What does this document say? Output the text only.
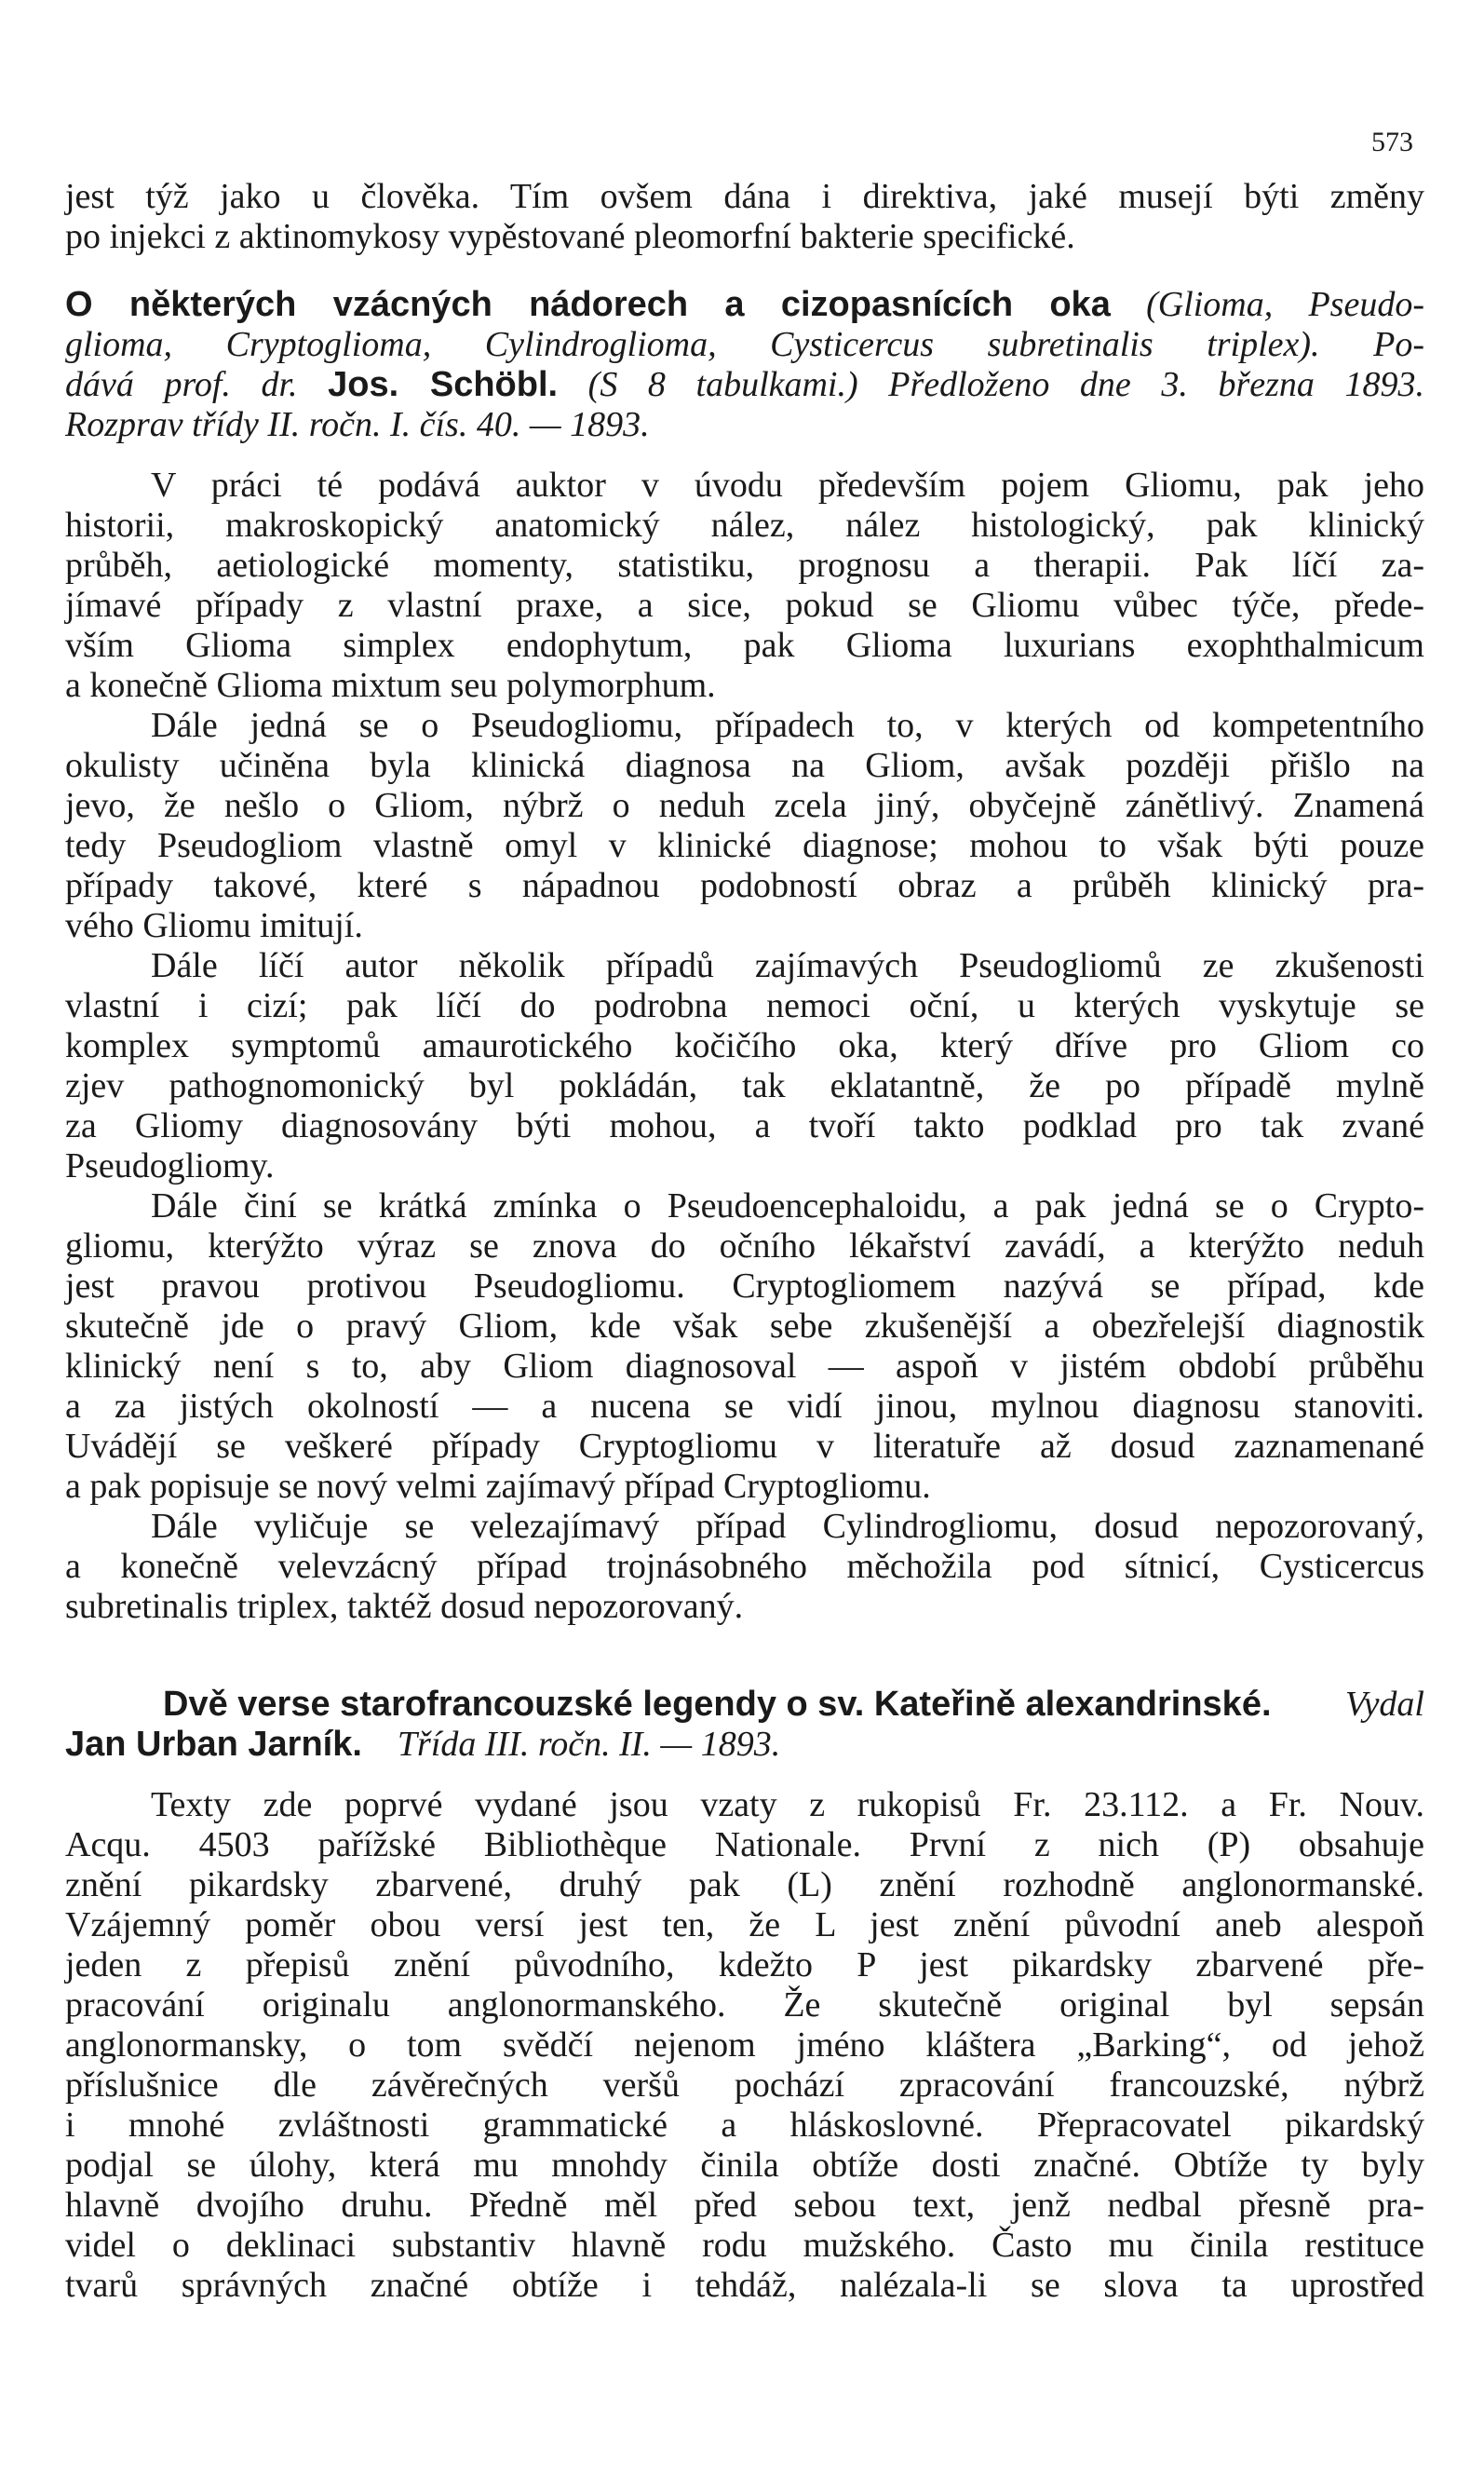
573

jest týž jako u člověka. Tím ovšem dána i direktiva, jaké musejí býti změny

po injekci z aktinomykosy vypěstované pleomorfní bakterie specifické.

O některých vzácných nádorech a cizopasnících oka (Glioma, Pseudo-

glioma, Cryptoglioma, Cylindroglioma, Cysticercus subretinalis triplex). Po-

dává prof. dr. Jos. Schöbl. (S 8 tabulkami.) Předloženo dne 3. března 1893.

Rozprav třídy II. ročn. I. čís. 40. — 1893.

V práci té podává auktor v úvodu především pojem Gliomu, pak jeho

historii, makroskopický anatomický nález, nález histologický, pak klinický

průběh, aetiologické momenty, statistiku, prognosu a therapii. Pak líčí za-

jímavé případy z vlastní praxe, a sice, pokud se Gliomu vůbec týče, přede-

vším Glioma simplex endophytum, pak Glioma luxurians exophthalmicum

a konečně Glioma mixtum seu polymorphum.

Dále jedná se o Pseudogliomu, případech to, v kterých od kompetentního

okulisty učiněna byla klinická diagnosa na Gliom, avšak později přišlo na

jevo, že nešlo o Gliom, nýbrž o neduh zcela jiný, obyčejně zánětlivý. Znamená

tedy Pseudogliom vlastně omyl v klinické diagnose; mohou to však býti pouze

případy takové, které s nápadnou podobností obraz a průběh klinický pra-

vého Gliomu imitují.

Dále líčí autor několik případů zajímavých Pseudogliomů ze zkušenosti

vlastní i cizí; pak líčí do podrobna nemoci oční, u kterých vyskytuje se

komplex symptomů amaurotického kočičího oka, který dříve pro Gliom co

zjev pathognomonický byl pokládán, tak eklatantně, že po případě mylně

za Gliomy diagnosovány býti mohou, a tvoří takto podklad pro tak zvané

Pseudogliomy.

Dále činí se krátká zmínka o Pseudoencephaloidu, a pak jedná se o Crypto-

gliomu, kterýžto výraz se znova do očního lékařství zavádí, a kterýžto neduh

jest pravou protivou Pseudogliomu. Cryptogliomem nazývá se případ, kde

skutečně jde o pravý Gliom, kde však sebe zkušenější a obezřelejší diagnostik

klinický není s to, aby Gliom diagnosoval — aspoň v jistém období průběhu

a za jistých okolností — a nucena se vidí jinou, mylnou diagnosu stanoviti.

Uvádějí se veškeré případy Cryptogliomu v literatuře až dosud zaznamenané

a pak popisuje se nový velmi zajímavý případ Cryptogliomu.

Dále vyličuje se velezajímavý případ Cylindrogliomu, dosud nepozorovaný,

a konečně velevzácný případ trojnásobného měchožila pod sítnicí, Cysticercus

subretinalis triplex, taktéž dosud nepozorovaný.

Dvě verse starofrancouzské legendy o sv. Kateřině alexandrinské. Vydal

Jan Urban Jarník. Třída III. ročn. II. — 1893.

Texty zde poprvé vydané jsou vzaty z rukopisů Fr. 23.112. a Fr. Nouv.

Acqu. 4503 pařížské Bibliothèque Nationale. První z nich (P) obsahuje

znění pikardsky zbarvené, druhý pak (L) znění rozhodně anglonormanské.

Vzájemný poměr obou versí jest ten, že L jest znění původní aneb alespoň

jeden z přepisů znění původního, kdežto P jest pikardsky zbarvené pře-

pracování originalu anglonormanského. Že skutečně original byl sepsán

anglonormansky, o tom svědčí nejenom jméno kláštera „Barking“, od jehož

příslušnice dle závěrečných veršů pochází zpracování francouzské, nýbrž

i mnohé zvláštnosti grammatické a hláskoslovné. Přepracovatel pikardský

podjal se úlohy, která mu mnohdy činila obtíže dosti značné. Obtíže ty byly

hlavně dvojího druhu. Předně měl před sebou text, jenž nedbal přesně pra-

videl o deklinaci substantiv hlavně rodu mužského. Často mu činila restituce

tvarů správných značné obtíže i tehdáž, nalézala-li se slova ta uprostřed
